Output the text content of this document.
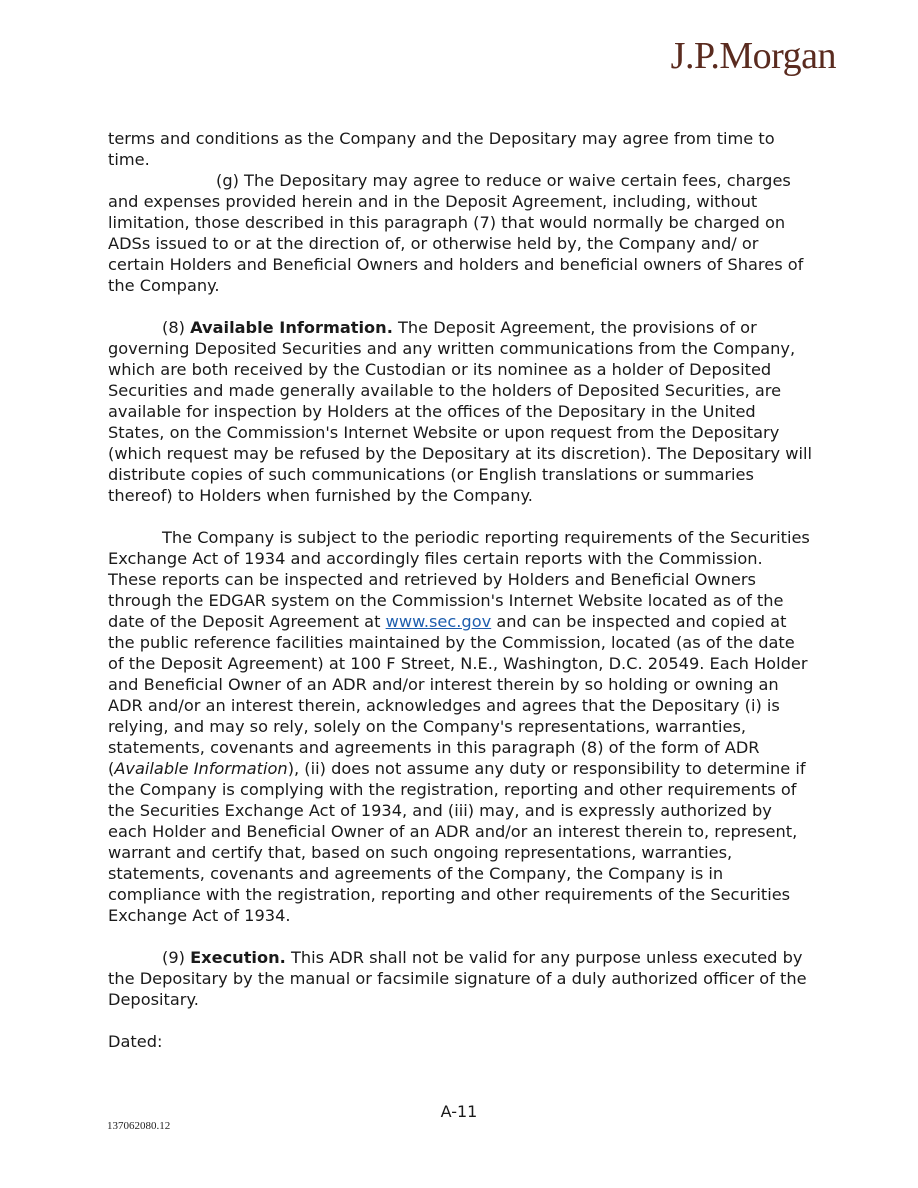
J.P.Morgan

terms and conditions as the Company and the Depositary may agree from time to time.

(g) The Depositary may agree to reduce or waive certain fees, charges and expenses provided herein and in the Deposit Agreement, including, without limitation, those described in this paragraph (7) that would normally be charged on ADSs issued to or at the direction of, or otherwise held by, the Company and/ or certain Holders and Beneficial Owners and holders and beneficial owners of Shares of the Company.

(8) Available Information. The Deposit Agreement, the provisions of or governing Deposited Securities and any written communications from the Company, which are both received by the Custodian or its nominee as a holder of Deposited Securities and made generally available to the holders of Deposited Securities, are available for inspection by Holders at the offices of the Depositary in the United States, on the Commission's Internet Website or upon request from the Depositary (which request may be refused by the Depositary at its discretion). The Depositary will distribute copies of such communications (or English translations or summaries thereof) to Holders when furnished by the Company.

The Company is subject to the periodic reporting requirements of the Securities Exchange Act of 1934 and accordingly files certain reports with the Commission. These reports can be inspected and retrieved by Holders and Beneficial Owners through the EDGAR system on the Commission's Internet Website located as of the date of the Deposit Agreement at www.sec.gov and can be inspected and copied at the public reference facilities maintained by the Commission, located (as of the date of the Deposit Agreement) at 100 F Street, N.E., Washington, D.C. 20549. Each Holder and Beneficial Owner of an ADR and/or interest therein by so holding or owning an ADR and/or an interest therein, acknowledges and agrees that the Depositary (i) is relying, and may so rely, solely on the Company's representations, warranties, statements, covenants and agreements in this paragraph (8) of the form of ADR (Available Information), (ii) does not assume any duty or responsibility to determine if the Company is complying with the registration, reporting and other requirements of the Securities Exchange Act of 1934, and (iii) may, and is expressly authorized by each Holder and Beneficial Owner of an ADR and/or an interest therein to, represent, warrant and certify that, based on such ongoing representations, warranties, statements, covenants and agreements of the Company, the Company is in compliance with the registration, reporting and other requirements of the Securities Exchange Act of 1934.

(9) Execution. This ADR shall not be valid for any purpose unless executed by the Depositary by the manual or facsimile signature of a duly authorized officer of the Depositary.

Dated:

A-11
137062080.12
